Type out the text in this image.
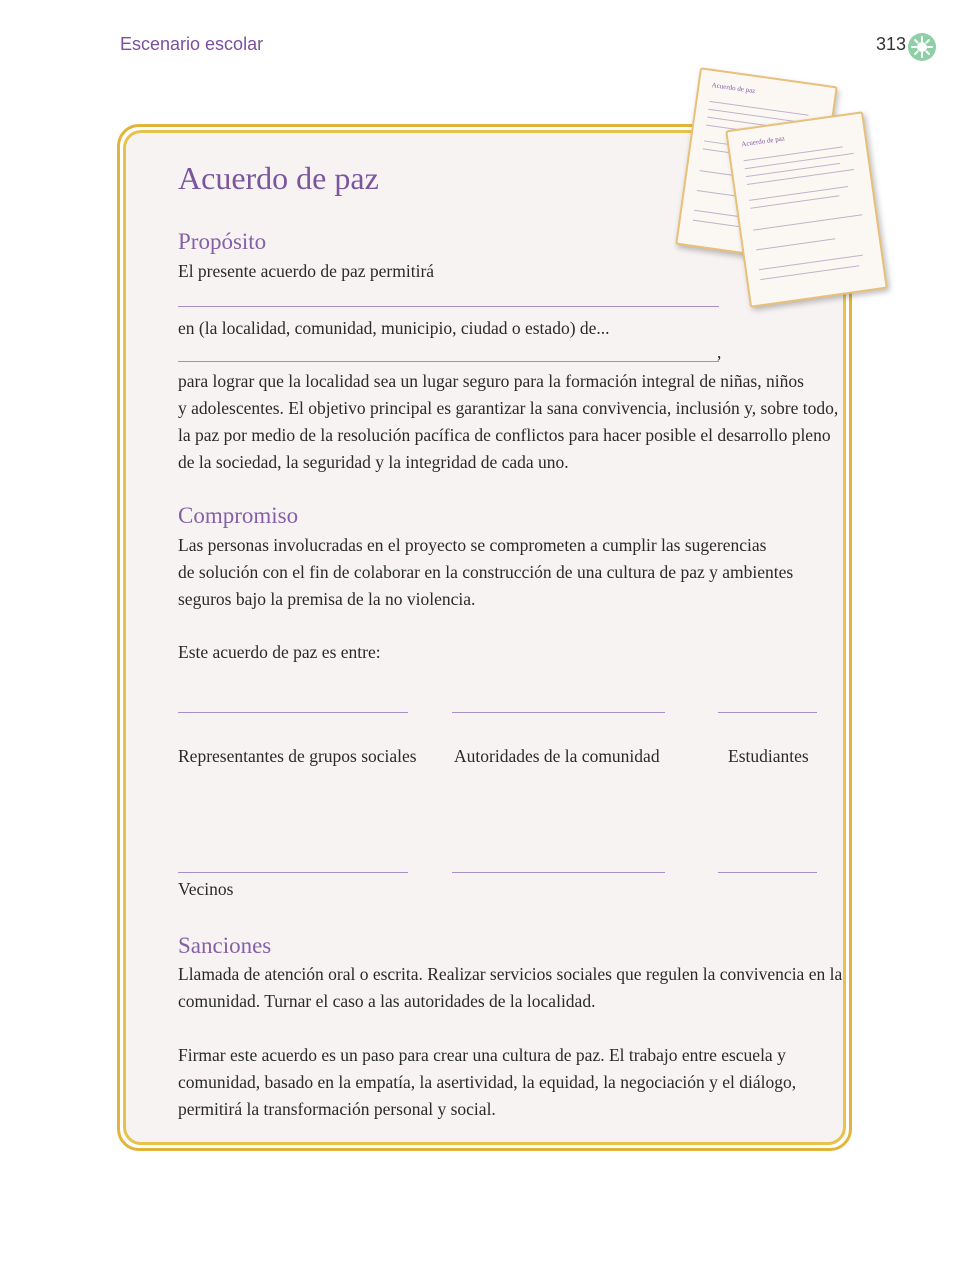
Escenario escolar	313
Acuerdo de paz
Acuerdo de paz
Acuerdo de paz
Propósito
El presente acuerdo de paz permitirá
en (la localidad, comunidad, municipio, ciudad o estado) de...
,
para lograr que la localidad sea un lugar seguro para la formación integral de niñas, niños
y adolescentes. El objetivo principal es garantizar la sana convivencia, inclusión y, sobre todo,
la paz por medio de la resolución pacífica de conflictos para hacer posible el desarrollo pleno
de la sociedad, la seguridad y la integridad de cada uno.
Compromiso
Las personas involucradas en el proyecto se comprometen a cumplir las sugerencias
de solución con el fin de colaborar en la construcción de una cultura de paz y ambientes
seguros bajo la premisa de la no violencia.
Este acuerdo de paz es entre:
Representantes de grupos sociales Autoridades de la comunidad	Estudiantes
Vecinos
Sanciones
Llamada de atención oral o escrita. Realizar servicios sociales que regulen la convivencia en la
comunidad. Turnar el caso a las autoridades de la localidad.
Firmar este acuerdo es un paso para crear una cultura de paz. El trabajo entre escuela y
comunidad, basado en la empatía, la asertividad, la equidad, la negociación y el diálogo,
permitirá la transformación personal y social.
